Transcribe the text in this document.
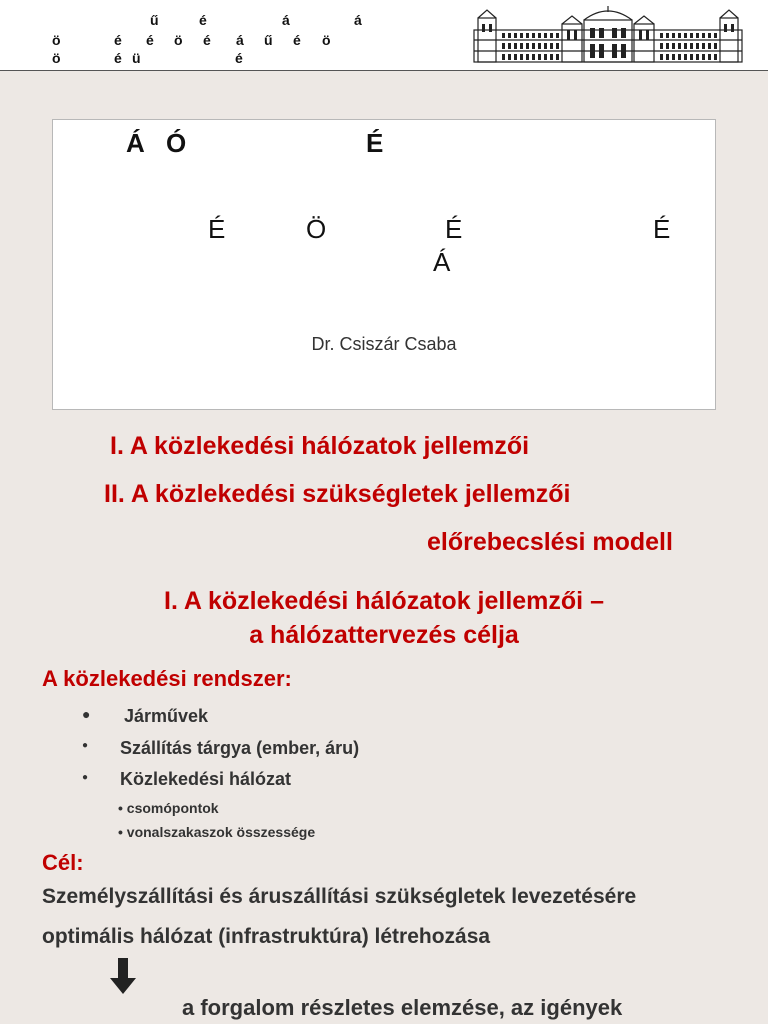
ű	é	á	á
ö	é é ö é á ű é ö
ö	é ü	é
Á Ó	É
É	Ö	É	É
Á
Dr. Csiszár Csaba
I. A közlekedési hálózatok jellemzői
II. A közlekedési szükségletek jellemzői
előrebecslési modell
I. A közlekedési hálózatok jellemzői –
a hálózattervezés célja
A közlekedési rendszer:
● Járművek
● Szállítás tárgya (ember, áru)
● Közlekedési hálózat
• csomópontok
• vonalszakaszok összessége
Cél:
Személyszállítási és áruszállítási szükségletek levezetésére
optimális hálózat (infrastruktúra) létrehozása
a forgalom részletes elemzése, az igények
